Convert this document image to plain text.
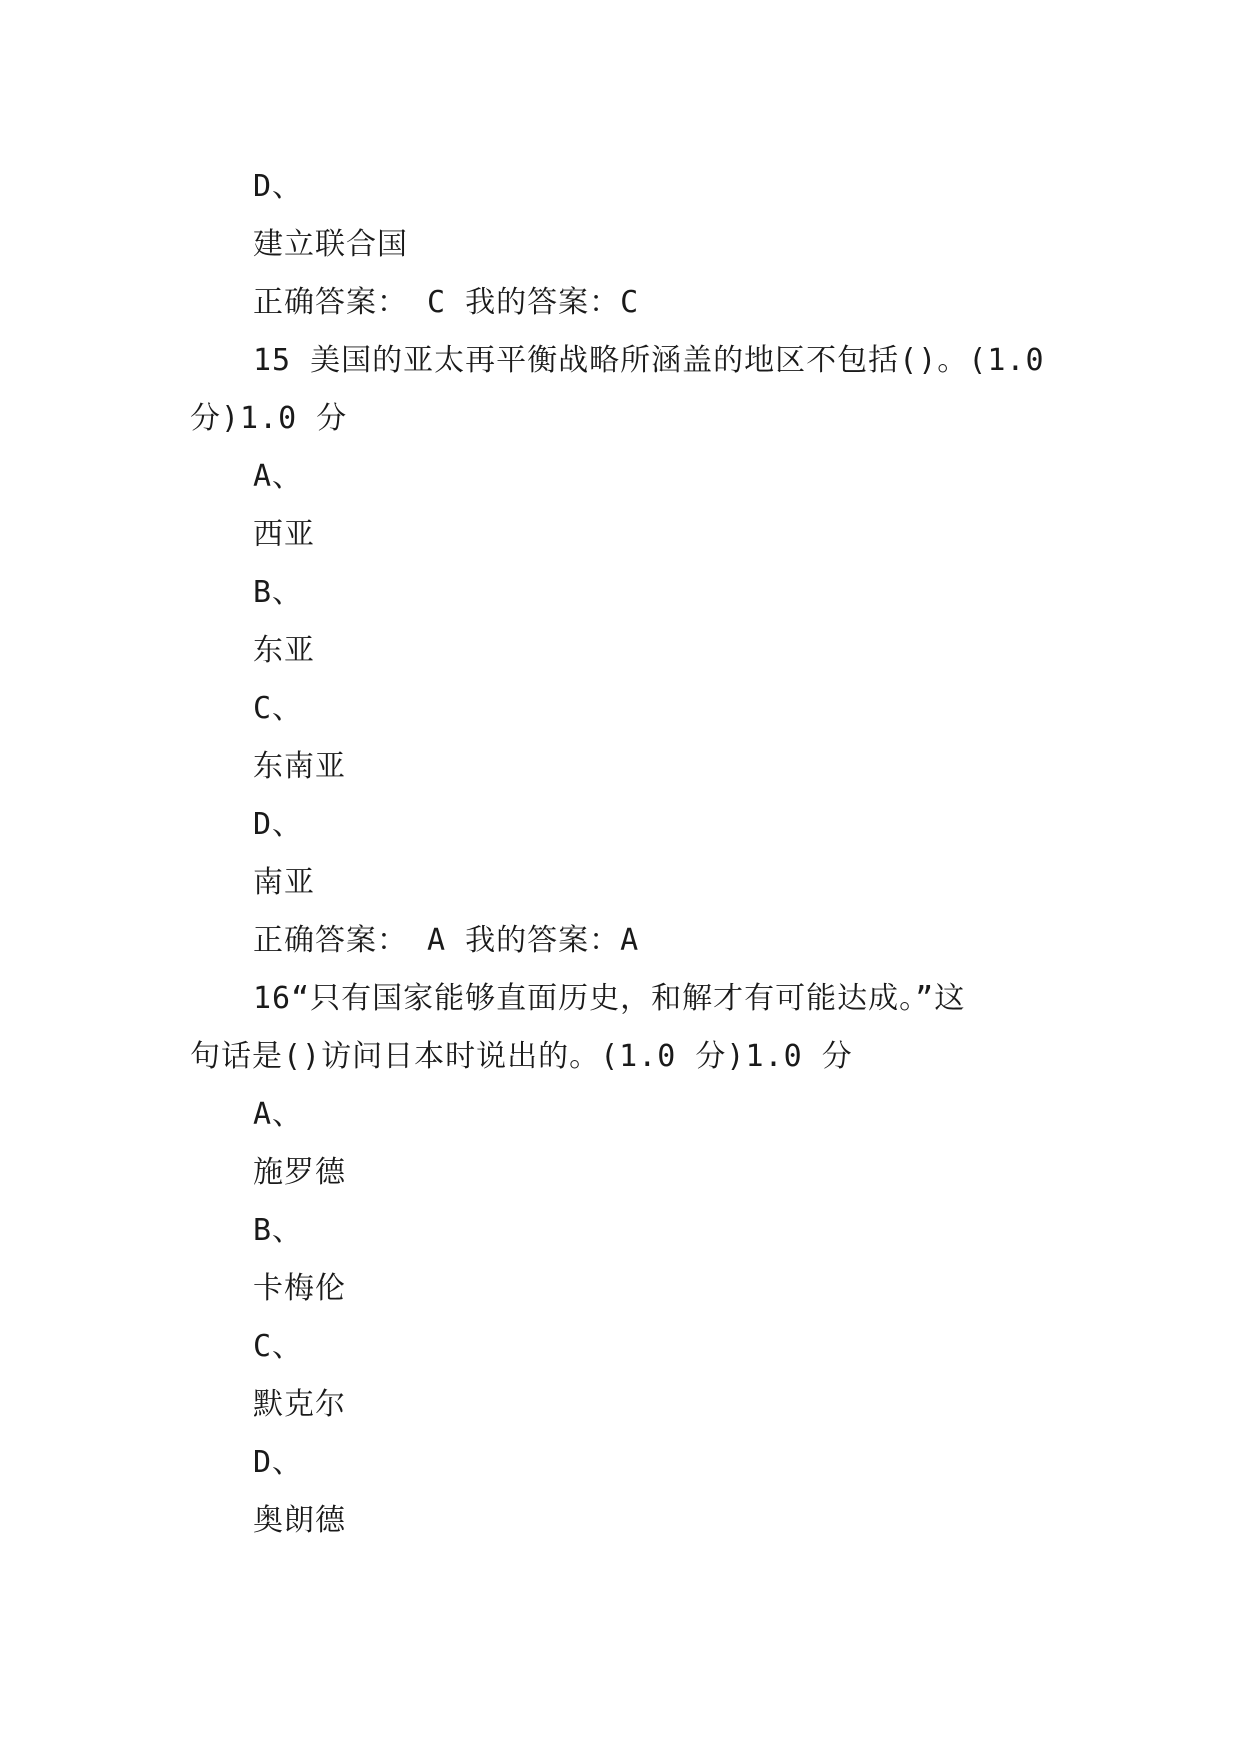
D、
建立联合国
正确答案： C 我的答案：C
15 美国的亚太再平衡战略所涵盖的地区不包括()。(1.0
分)1.0 分
A、
西亚
B、
东亚
C、
东南亚
D、
南亚
正确答案： A 我的答案：A
16“只有国家能够直面历史，和解才有可能达成。”这
句话是()访问日本时说出的。(1.0 分)1.0 分
A、
施罗德
B、
卡梅伦
C、
默克尔
D、
奥朗德
